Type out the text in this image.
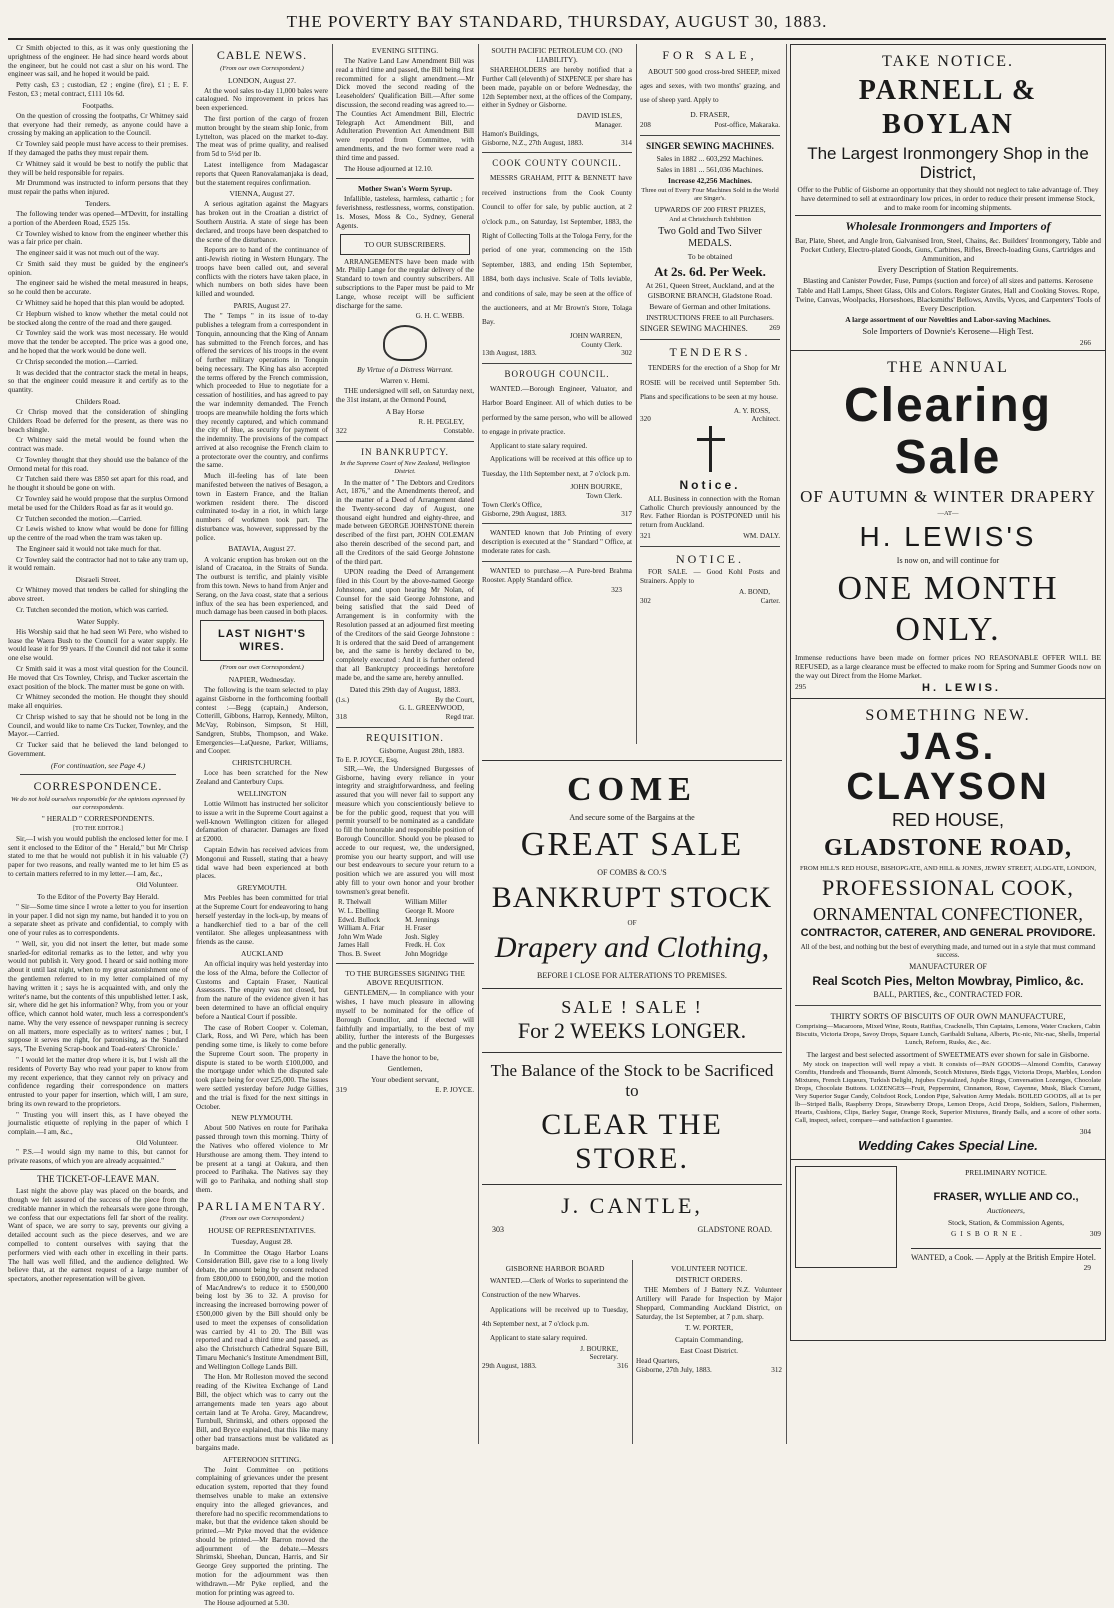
THE POVERTY BAY STANDARD, THURSDAY, AUGUST 30, 1883.

Cr Smith objected to this, as it was only questioning the uprightness of the engineer. He had since heard words about the engineer, but he could not cast a slur on his word. The engineer was sail, and he hoped it would be paid.

Petty cash, £3 ; custodian, £2 ; engine (fire), £1 ; E. F. Feston, £3 ; metal contract, £111 10s 6d.

Footpaths.

On the question of crossing the footpaths, Cr Whitney said that everyone had their remedy, as anyone could have a crossing by making an application to the Council.

Cr Townley said people must have access to their premises. If they damaged the paths they must repair them.

Cr Whitney said it would be best to notify the public that they will be held responsible for repairs.

Mr Drummond was instructed to inform persons that they must repair the paths when injured.

Tenders.

The following tender was opened—M'Devitt, for installing a portion of the Aberdeen Road, £525 15s.

Cr Townley wished to know from the engineer whether this was a fair price per chain.

The engineer said it was not much out of the way.

Cr Smith said they must be guided by the engineer's opinion.

The engineer said he wished the metal measured in heaps, so he could then be accurate.

Cr Whitney said he hoped that this plan would be adopted.

Cr Hepburn wished to know whether the metal could not be stocked along the centre of the road and there gauged.

Cr Townley said the work was most necessary. He would move that the tender be accepted. The price was a good one, and he hoped that the work would be done well.

Cr Chrisp seconded the motion.—Carried.

It was decided that the contractor stack the metal in heaps, so that the engineer could measure it and certify as to the quantity.

Childers Road.

Cr Chrisp moved that the consideration of shingling Childers Road be deferred for the present, as there was no beach shingle.

Cr Whitney said the metal would be found when the contract was made.

Cr Townley thought that they should use the balance of the Ormond metal for this road.

Cr Tutchen said there was £850 set apart for this road, and he thought it should be gone on with.

Cr Townley said he would propose that the surplus Ormond metal be used for the Childers Road as far as it would go.

Cr Tutchen seconded the motion.—Carried.

Cr Lewis wished to know what would be done for filling up the centre of the road when the tram was taken up.

The Engineer said it would not take much for that.

Cr Townley said the contractor had not to take any tram up, it would remain.

Disraeli Street.

Cr Whitney moved that tenders be called for shingling the above street.

Cr. Tutchen seconded the motion, which was carried.

Water Supply.

His Worship said that he had seen Wi Pere, who wished to lease the Waera Bush to the Council for a water supply. He would lease it for 99 years. If the Council did not take it some one else would.

Cr Smith said it was a most vital question for the Council. He moved that Crs Townley, Chrisp, and Tucker ascertain the exact position of the block. The matter must be gone on with.

Cr Whitney seconded the motion. He thought they should make all enquiries.

Cr Chrisp wished to say that he should not be long in the Council, and would like to name Crs Tucker, Townley, and the Mayor.—Carried.

Cr Tucker said that he believed the land belonged to Government.

(For continuation, see Page 4.)
CORRESPONDENCE.
We do not hold ourselves responsible for the opinions expressed by our correspondents.
" HERALD " CORRESPONDENTS.
[TO THE EDITOR.]

Sir,—I wish you would publish the enclosed letter for me. I sent it enclosed to the Editor of the " Herald," but Mr Chrisp stated to me that he would not publish it in his valuable (?) paper for two reasons, and really wanted me to let him £5 as to certain matters referred to in my letter.—I am, &c.,

Old Volunteer.
To the Editor of the Poverty Bay Herald.

" Sir—Some time since I wrote a letter to you for insertion in your paper. I did not sign my name, but handed it to you on a separate sheet as private and confidential, to comply with one of your rules as to correspondents.

" Well, sir, you did not insert the letter, but made some snarled-for editorial remarks as to the letter, and why you would not publish it. Very good. I heard or said nothing more about it until last night, when to my great astonishment one of the gentlemen referred to in my letter complained of my having written it ; says he is acquainted with, and only the writer's name, but the contents of this unpublished letter. I ask, sir, where did he get his information? Why, from you or your office, which cannot hold water, much less a correspondent's name. Why the very essence of newspaper running is secrecy on all matters, more especially as to writers' names ; but, I suppose it serves me right, for patronising, as the Standard says, 'The Evening Scrap-book and Toad-eaters' Chronicle.'

" I would let the matter drop where it is, but I wish all the residents of Poverty Bay who read your paper to know from my recent experience, that they cannot rely on privacy and confidence regarding their correspondence on matters entrusted to your paper for insertion, which will, I am sure, bring its own reward to the proprietors.

" Trusting you will insert this, as I have obeyed the journalistic etiquette of replying in the paper of which I complain.—I am, &c.,

Old Volunteer.

" P.S.—I would sign my name to this, but cannot for private reasons, of which you are already acquainted."

THE TICKET-OF-LEAVE MAN.

Last night the above play was placed on the boards, and though we felt assured of the success of the piece from the creditable manner in which the rehearsals were gone through, we confess that our expectations fell far short of the reality. Want of space, we are sorry to say, prevents our giving a detailed account such as the piece deserves, and we are compelled to content ourselves with saying that the performers vied with each other in excelling in their parts. The hall was well filled, and the audience delighted. We believe that, at the earnest request of a large number of spectators, another representation will be given.

CABLE NEWS.
(From our own Correspondent.)
LONDON, August 27.

At the wool sales to-day 11,000 bales were catalogued. No improvement in prices has been experienced.

The first portion of the cargo of frozen mutton brought by the steam ship Ionic, from Lyttelton, was placed on the market to-day. The meat was of prime quality, and realised from 5d to 5½d per lb.

Latest intelligence from Madagascar reports that Queen Ranovalamanjaka is dead, but the statement requires confirmation.

VIENNA, August 27.

A serious agitation against the Magyars has broken out in the Croatian a district of Southern Austria. A state of siege has been declared, and troops have been despatched to the scene of the disturbance.

Reports are to hand of the continuance of anti-Jewish rioting in Western Hungary. The troops have been called out, and several conflicts with the rioters have taken place, in which numbers on both sides have been killed and wounded.

PARIS, August 27.

The " Temps " in its issue of to-day publishes a telegram from a correspondent in Tonquin, announcing that the King of Annam has submitted to the French forces, and has offered the services of his troops in the event of further military operations in Tonquin being necessary. The King has also accepted the terms offered by the French commission, which proceeded to Hue to negotiate for a cessation of hostilities, and has agreed to pay the war indemnity demanded. The French troops are meanwhile holding the forts which they recently captured, and which command the city of Hue, as security for payment of the indemnity. The provisions of the compact arrived at also recognise the French claim to a protectorate over the country, and confirms the same.

Much ill-feeling has of late been manifested between the natives of Besagon, a town in Eastern France, and the Italian workmen resident there. The discord culminated to-day in a riot, in which large numbers of workmen took part. The disturbance was, however, suppressed by the police.

BATAVIA, August 27.

A volcanic eruption has broken out on the island of Cracatoa, in the Straits of Sunda. The outburst is terrific, and plainly visible from this town. News to hand from Anjer and Serang, on the Java coast, state that a serious influx of the sea has been experienced, and much damage has been caused in both places.

LAST NIGHT'S WIRES.
(From our own Correspondent.)
NAPIER, Wednesday.

The following is the team selected to play against Gisborne in the forthcoming football contest :—Begg (captain,) Anderson, Cotterill, Gibbons, Harrop, Kennedy, Milton, McVay, Robinson, Simpson, St Hill, Sandgren, Stubbs, Thompson, and Wake. Emergencies—LaQuesne, Parker, Williams, and Cooper.

CHRISTCHURCH.

Loce has been scratched for the New Zealand and Canterbury Cups.

WELLINGTON

Lottie Wilmott has instructed her solicitor to issue a writ in the Supreme Court against a well-known Wellington citizen for alleged defamation of character. Damages are fixed at £2000.

Captain Edwin has received advices from Mongonui and Russell, stating that a heavy tidal wave had been experienced at both places.

GREYMOUTH.

Mrs Peebles has been committed for trial at the Supreme Court for endeavoring to hang herself yesterday in the lock-up, by means of a handkerchief tied to a bar of the cell ventilator. She alleges unpleasantness with friends as the cause.

AUCKLAND

An official inquiry was held yesterday into the loss of the Alma, before the Collector of Customs and Captain Fraser, Nautical Assessors. The enquiry was not closed, but from the nature of the evidence given it has been determined to have an official enquiry before a Nautical Court if possible.

The case of Robert Cooper v. Coleman, Clark, Ross, and Wi Pere, which has been pending some time, is likely to come before the Supreme Court soon. The property in dispute is stated to be worth £100,000, and the mortgage under which the disputed sale took place being for over £25,000. The issues were settled yesterday before Judge Gillies, and the trial is fixed for the next sittings in October.

NEW PLYMOUTH.

About 500 Natives en route for Parihaka passed through town this morning. Thirty of the Natives who offered violence to Mr Hursthouse are among them. They intend to be present at a tangi at Oakura, and then proceed to Parihaka. The Natives say they will go to Parihaka, and nothing shall stop them.

PARLIAMENTARY.
(From our own Correspondent.)
HOUSE OF REPRESENTATIVES.
Tuesday, August 28.

In Committee the Otago Harbor Loans Consideration Bill, gave rise to a long lively debate, the amount being by consent reduced from £800,000 to £600,000, and the motion of MacAndrew's to reduce it to £500,000 being lost by 36 to 32. A proviso for increasing the increased borrowing power of £500,000 given by the Bill should only be used to meet the expenses of consolidation was carried by 41 to 20. The Bill was reported and read a third time and passed, as also the Christchurch Cathedral Square Bill, Timaru Mechanic's Institute Amendment Bill, and Wellington College Lands Bill.

The Hon. Mr Rolleston moved the second reading of the Kiwitea Exchange of Land Bill, the object which was to carry out the arrangements made ten years ago about certain land at Te Aroha. Grey, Macandrew, Turnbull, Shrimski, and others opposed the Bill, and Bryce explained, that this like many other bad transactions must be validated as bargains made.

AFTERNOON SITTING.

The Joint Committee on petitions complaining of grievances under the present education system, reported that they found themselves unable to make an extensive enquiry into the alleged grievances, and therefore had no specific recommendations to make, but that the evidence taken should be printed.—Mr Pyke moved that the evidence should be printed.—Mr Barron moved the adjournment of the debate.—Messrs Shrimski, Sheehan, Duncan, Harris, and Sir George Grey supported the printing. The motion for the adjournment was then withdrawn.—Mr Pyke replied, and the motion for printing was agreed to.

The House adjourned at 5.30.

EVENING SITTING.

The Native Land Law Amendment Bill was read a third time and passed, the Bill being first recommitted for a slight amendment.—Mr Dick moved the second reading of the Leaseholders' Qualification Bill.—After some discussion, the second reading was agreed to.—The Counties Act Amendment Bill, Electric Telegraph Act Amendment Bill, and Adulteration Prevention Act Amendment Bill were reported from Committee, with amendments, and the two former were read a third time and passed.

The House adjourned at 12.10.

Mother Swan's Worm Syrup.

Infallible, tasteless, harmless, cathartic ; for feverishness, restlessness, worms, constipation. 1s. Moses, Moss & Co., Sydney, General Agents.

TO OUR SUBSCRIBERS.

ARRANGEMENTS have been made with Mr. Philip Lange for the regular delivery of the Standard to town and country subscribers. All subscriptions to the Paper must be paid to Mr Lange, whose receipt will be sufficient discharge for the same.

G. H. C. WEBB.
By Virtue of a Distress Warrant.
Warren v. Hemi.

THE undersigned will sell, on Saturday next, the 31st instant, at the Ormond Pound,

A Bay Horse
R. H. PEGLEY,
322	Constable.
IN BANKRUPTCY.
In the Supreme Court of New Zealand, Wellington District.

In the matter of " The Debtors and Creditors Act, 1876," and the Amendments thereof, and in the matter of a Deed of Arrangement dated the Twenty-second day of August, one thousand eight hundred and eighty-three, and made between GEORGE JOHNSTONE therein described of the first part, JOHN COLEMAN also therein described of the second part, and all the Creditors of the said George Johnstone of the third part.

UPON reading the Deed of Arrangement filed in this Court by the above-named George Johnstone, and upon hearing Mr Nolan, of Counsel for the said George Johnstone, and being satisfied that the said Deed of Arrangement is in conformity with the Resolution passed at an adjourned first meeting of the Creditors of the said George Johnstone : It is ordered that the said Deed of arrangement be, and the same is hereby declared to be, completely executed : And it is further ordered that all Bankruptcy proceedings heretofore made be, and the same are, hereby annulled.

Dated this 29th day of August, 1883.
(l.s.)	By the Court,
G. L. GREENWOOD,
318	Regd trar.
REQUISITION.
Gisborne, August 28th, 1883.
To E. P. JOYCE, Esq.

SIR,—We, the Undersigned Burgesses of Gisborne, having every reliance in your integrity and straightforwardness, and feeling assured that you will never fail to support any measure which you conscientiously believe to be for the public good, request that you will permit yourself to be nominated as a candidate to fill the honorable and responsible position of Borough Councillor. Should you be pleased to accede to our request, we, the undersigned, promise you our hearty support, and will use our best endeavours to secure your return to a position which we are assured you will most ably fill to your own honor and your brother townsmen's great benefit.

R. Thelwall	William Miller
W. L. Ebelling	George R. Moore
Edwd. Bullock	M. Jennings
William A. Friar	H. Fraser
John Wm Wade	Josh. Sigley
James Hall	Fredk. H. Cox
Thos. B. Sweet	John Mogridge
TO THE BURGESSES SIGNING THE ABOVE REQUISITION.

GENTLEMEN,— In compliance with your wishes, I have much pleasure in allowing myself to be nominated for the office of Borough Councillor, and if elected will faithfully and impartially, to the best of my ability, further the interests of the Burgesses and the public generally.

I have the honor to be,
Gentlemen,
Your obedient servant,
319	E. P. JOYCE.
SOUTH PACIFIC PETROLEUM CO. (NO LIABILITY).

SHAREHOLDERS are hereby notified that a Further Call (eleventh) of SIXPENCE per share has been made, payable on or before Wednesday, the 12th September next, at the offices of the Company, either in Sydney or Gisborne.

DAVID ISLES,
Manager.
Hamon's Buildings,
Gisborne, N.Z., 27th August, 1883.	314
COOK COUNTY COUNCIL.

MESSRS GRAHAM, PITT & BENNETT have received instructions from the Cook County Council to offer for sale, by public auction, at 2 o'clock p.m., on Saturday, 1st September, 1883, the Right of Collecting Tolls at the Tologa Ferry, for the period of one year, commencing on the 15th September, 1883, and ending 15th September, 1884, both days inclusive. Scale of Tolls leviable, and conditions of sale, may be seen at the office of the auctioneers, and at Mr Brown's Store, Tolaga Bay.

JOHN WARREN,
County Clerk.
13th August, 1883.	302
BOROUGH COUNCIL.

WANTED.—Borough Engineer, Valuator, and Harbor Board Engineer. All of which duties to be performed by the same person, who will be allowed to engage in private practice.

Applicant to state salary required.

Applications will be received at this office up to Tuesday, the 11th September next, at 7 o'clock p.m.

JOHN BOURKE,
Town Clerk.
Town Clerk's Office,
Gisborne, 29th August, 1883.	317

WANTED known that Job Printing of every description is executed at the " Standard " Office, at moderate rates for cash.

WANTED to purchase.—A Pure-bred Brahma Rooster. Apply Standard office.

323
FOR SALE,

ABOUT 500 good cross-bred SHEEP, mixed ages and sexes, with two months' grazing, and use of sheep yard. Apply to

D. FRASER,
208	Post-office, Makaraka.
SINGER SEWING MACHINES.
Sales in 1882 ... 603,292 Machines.
Sales in 1881 ... 561,036 Machines.
Increase 42,256 Machines.
Three out of Every Four Machines Sold in the World are Singer's.
UPWARDS OF 200 FIRST PRIZES,
And at Christchurch Exhibition
Two Gold and Two Silver MEDALS.
To be obtained
At 2s. 6d. Per Week.
At 261, Queen Street, Auckland, and at the GISBORNE BRANCH, Gladstone Road.
Beware of German and other Imitations.
INSTRUCTIONS FREE to all Purchasers.
SINGER SEWING MACHINES.	269
TENDERS.

TENDERS for the erection of a Shop for Mr ROSIE will be received until September 5th. Plans and specifications to be seen at my house.

A. Y. ROSS,
320	Architect.
Notice.

ALL Business in connection with the Roman Catholic Church previously announced by the Rev. Father Riordan is POSTPONED until his return from Auckland.

321	WM. DALY.
NOTICE.

FOR SALE. — Good Kohl Posts and Strainers. Apply to

A. BOND,
302	Carter.
COME
And secure some of the Bargains at the
GREAT SALE
OF COMBS & CO.'S
BANKRUPT STOCK
OF
Drapery and Clothing,
BEFORE I CLOSE FOR ALTERATIONS TO PREMISES.
SALE ! SALE !
For 2 WEEKS LONGER.
The Balance of the Stock to be Sacrificed to
CLEAR THE STORE.
J. CANTLE,
303	GLADSTONE ROAD.
GISBORNE HARBOR BOARD

WANTED.—Clerk of Works to superintend the Construction of the new Wharves.

Applications will be received up to Tuesday, 4th September next, at 7 o'clock p.m.

Applicant to state salary required.

J. BOURKE,
Secretary.
29th August, 1883.	316
VOLUNTEER NOTICE.
DISTRICT ORDERS.

THE Members of J Battery N.Z. Volunteer Artillery will Parade for Inspection by Major Sheppard, Commanding Auckland District, on Saturday, the 1st September, at 7 p.m. sharp.

T. W. PORTER,
Captain Commanding,
East Coast District.
Head Quarters,
Gisborne, 27th July, 1883.	312
TAKE NOTICE.
PARNELL & BOYLAN
The Largest Ironmongery Shop in the District,

Offer to the Public of Gisborne an opportunity that they should not neglect to take advantage of. They have determined to sell at extraordinary low prices, in order to reduce their present immense Stock, and to make room for incoming shipments.

Wholesale Ironmongers and Importers of

Bar, Plate, Sheet, and Angle Iron, Galvanised Iron, Steel, Chains, &c. Builders' Ironmongery, Table and Pocket Cutlery, Electro-plated Goods, Guns, Carbines, Rifles, Breech-loading Guns, Cartridges and Ammunition, and

Every Description of Station Requirements.

Blasting and Canister Powder, Fuse, Pumps (suction and force) of all sizes and patterns. Kerosene Table and Hall Lamps, Sheet Glass, Oils and Colors. Register Grates, Hall and Cooking Stoves. Rope, Twine, Canvas, Woolpacks, Horseshoes, Blacksmiths' Bellows, Anvils, Vyces, and Carpenters' Tools of Every Description.

A large assortment of our Novelties and Labor-saving Machines.
Sole Importers of Downie's Kerosene—High Test.
266
THE ANNUAL
Clearing Sale
OF AUTUMN & WINTER DRAPERY
—AT—
H. LEWIS'S
Is now on, and will continue for
ONE MONTH ONLY.

Immense reductions have been made on former prices NO REASONABLE OFFER WILL BE REFUSED, as a large clearance must be effected to make room for Spring and Summer Goods now on the way out Direct from the Home Market.

295	H. LEWIS.
SOMETHING NEW.
JAS. CLAYSON
RED HOUSE,
GLADSTONE ROAD,
FROM HILL'S RED HOUSE, BISHOPGATE, AND HILL & JONES, JEWRY STREET, ALDGATE, LONDON,
PROFESSIONAL COOK,
ORNAMENTAL CONFECTIONER,
CONTRACTOR, CATERER, AND GENERAL PROVIDORE.
All of the best, and nothing but the best of everything made, and turned out in a style that must command success.
MANUFACTURER OF
Real Scotch Pies, Melton Mowbray, Pimlico, &c.
BALL, PARTIES, &c., CONTRACTED FOR.
THIRTY SORTS OF BISCUITS OF OUR OWN MANUFACTURE,

Comprising—Macaroons, Mixed Wine, Routs, Ratifias, Cracknells, Thin Captains, Lemons, Water Crackers, Cabin Biscuits, Victoria Drops, Savoy Drops, Square Lunch, Garibaldi Sultana, Alberts, Pic-nic, Nic-nac, Shells, Imperial Lunch, Reform, Rusks, &c., &c.

The largest and best selected assortment of SWEETMEATS ever shown for sale in Gisborne.

My stock on inspection will well repay a visit. It consists of—PAN GOODS—Almond Comfits, Caraway Comfits, Hundreds and Thousands, Burnt Almonds, Scotch Mixtures, Birds Eggs, Victoria Drops, Marbles, London Mixtures, French Liqueurs, Turkish Delight, Jujubes Crystalized, Jujube Rings, Conversation Lozenges, Chocolate Drops, Chocolate Buttons. LOZENGES—Fruit, Peppermint, Cinnamon, Rose, Cayenne, Musk, Black Currant, Very Superior Sugar Candy, Coltsfoot Rock, London Pipe, Salvation Army Medals. BOILED GOODS, all at 1s per lb—Striped Balls, Raspberry Drops, Strawberry Drops, Lemon Drops, Acid Drops, Soldiers, Sailors, Fishermen, Hearts, Cushions, Clips, Barley Sugar, Orange Rock, Superior Mixtures, Brandy Balls, and a score of other sorts. Call, inspect, select, compare—and satisfaction I guarantee.

304
Wedding Cakes Special Line.
PRELIMINARY NOTICE.
FRASER, WYLLIE AND CO.,
Auctioneers,
Stock, Station, & Commission Agents,
GISBORNE.	309
WANTED, a Cook. — Apply at the British Empire Hotel.
29
